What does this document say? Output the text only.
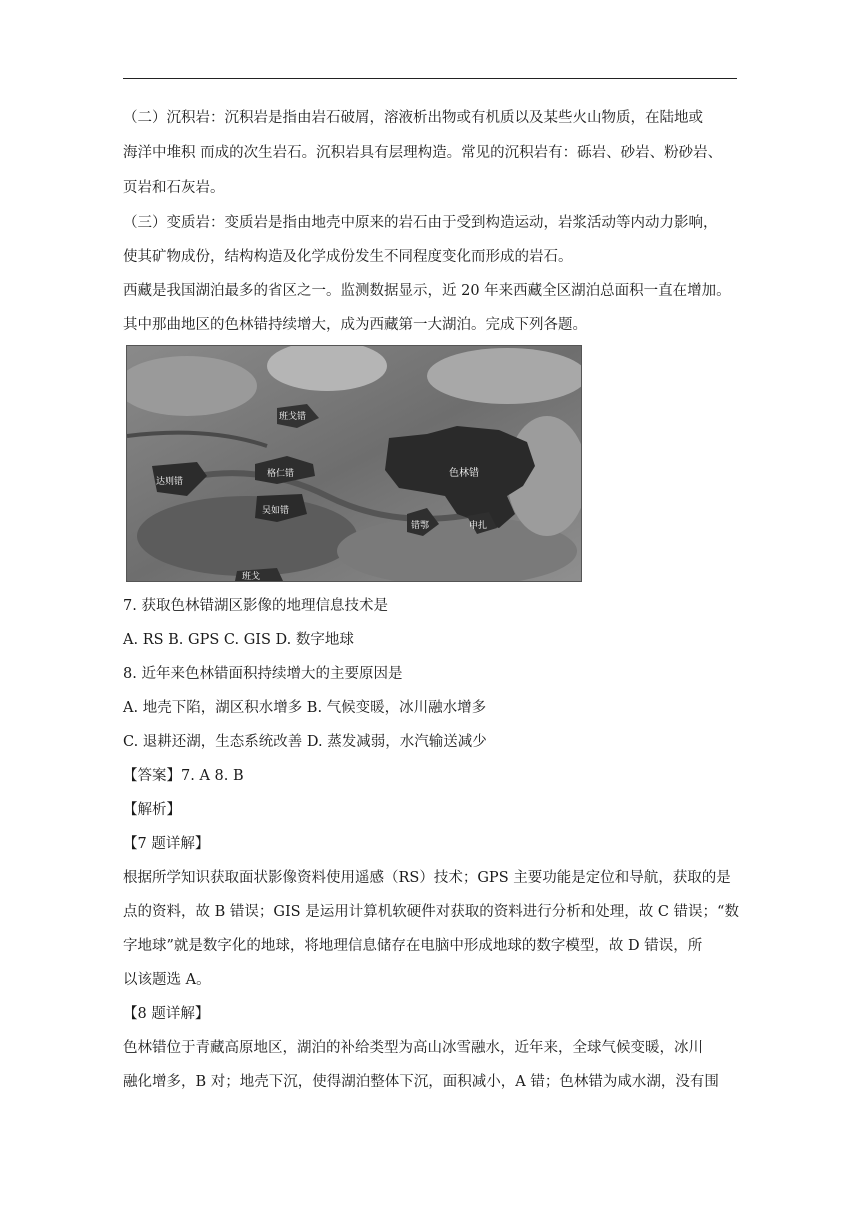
（二）沉积岩：沉积岩是指由岩石破屑，溶液析出物或有机质以及某些火山物质，在陆地或
海洋中堆积 而成的次生岩石。沉积岩具有层理构造。常见的沉积岩有：砾岩、砂岩、粉砂岩、
页岩和石灰岩。
（三）变质岩：变质岩是指由地壳中原来的岩石由于受到构造运动，岩浆活动等内动力影响，
使其矿物成份，结构构造及化学成份发生不同程度变化而形成的岩石。
西藏是我国湖泊最多的省区之一。监测数据显示，近 20 年来西藏全区湖泊总面积一直在增加。
其中那曲地区的色林错持续增大，成为西藏第一大湖泊。完成下列各题。
达则错
班戈错
格仁错	色林错
吴如错
错鄂
班戈
申扎
7. 获取色林错湖区影像的地理信息技术是
A. RS B. GPS C. GIS D. 数字地球
8. 近年来色林错面积持续增大的主要原因是
A. 地壳下陷，湖区积水增多 B. 气候变暖，冰川融水增多
C. 退耕还湖，生态系统改善 D. 蒸发减弱，水汽输送减少
【答案】7. A 8. B
【解析】
【7 题详解】
根据所学知识获取面状影像资料使用遥感（RS）技术；GPS 主要功能是定位和导航，获取的是
点的资料，故 B 错误；GIS 是运用计算机软硬件对获取的资料进行分析和处理，故 C 错误；“数
字地球”就是数字化的地球，将地理信息储存在电脑中形成地球的数字模型，故 D 错误，所
以该题选 A。
【8 题详解】
色林错位于青藏高原地区，湖泊的补给类型为高山冰雪融水，近年来，全球气候变暖，冰川
融化增多，B 对；地壳下沉，使得湖泊整体下沉，面积减小，A 错；色林错为咸水湖，没有围
